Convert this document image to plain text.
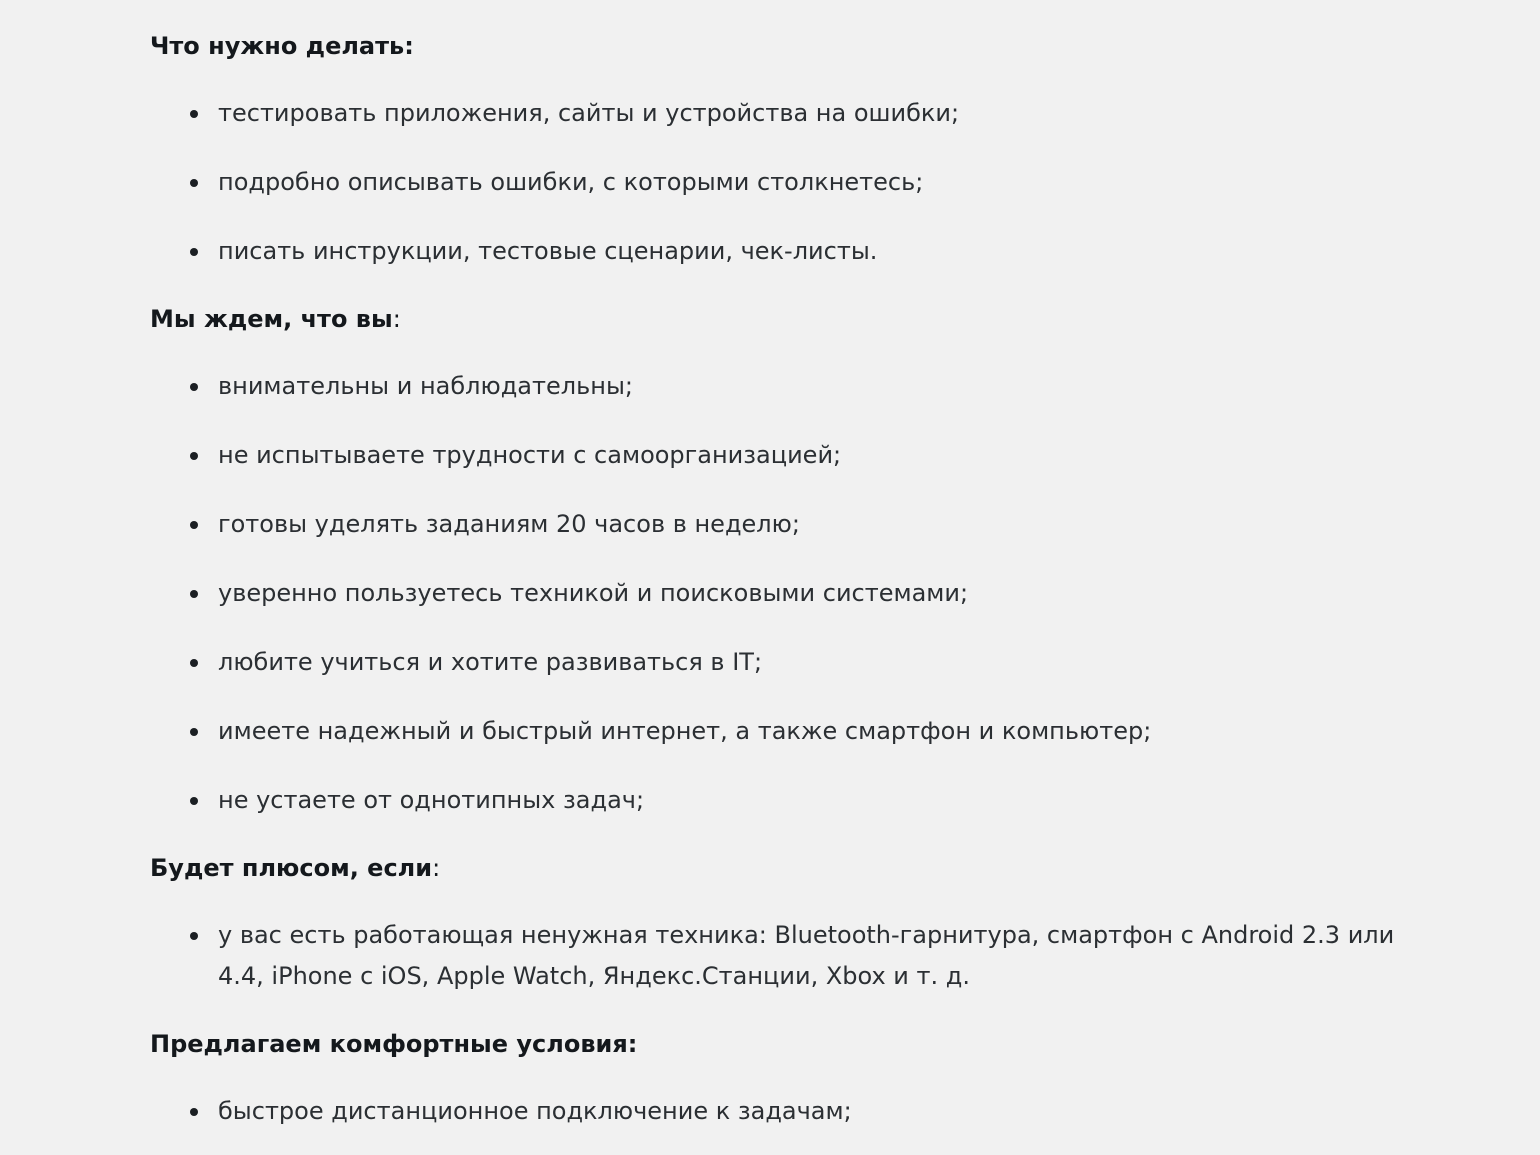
Что нужно делать:
тестировать приложения, сайты и устройства на ошибки;
подробно описывать ошибки, с которыми столкнетесь;
писать инструкции, тестовые сценарии, чек-листы.
Мы ждем, что вы:
внимательны и наблюдательны;
не испытываете трудности с самоорганизацией;
готовы уделять заданиям 20 часов в неделю;
уверенно пользуетесь техникой и поисковыми системами;
любите учиться и хотите развиваться в IT;
имеете надежный и быстрый интернет, а также смартфон и компьютер;
не устаете от однотипных задач;
Будет плюсом, если:
у вас есть работающая ненужная техника: Bluetooth-гарнитура, смартфон с Android 2.3 или 4.4, iPhone с iOS, Apple Watch, Яндекс.Станции, Xbox и т. д.
Предлагаем комфортные условия:
быстрое дистанционное подключение к задачам;
